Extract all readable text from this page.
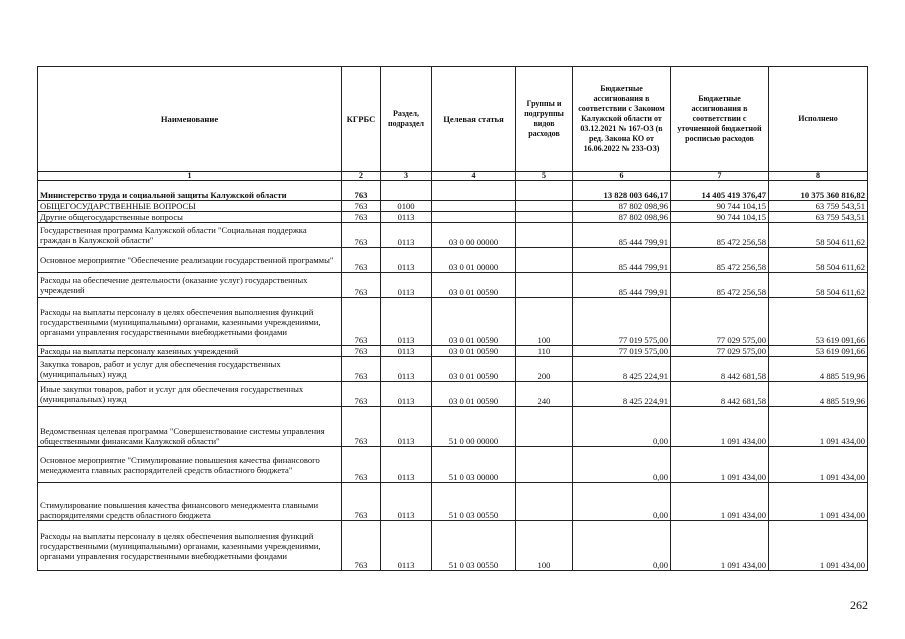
Наименование	КГРБС	Раздел, подраздел	Целевая статья	Группы и подгруппы видов расходов	Бюджетные ассигнования в соответствии с Законом Калужской области от 03.12.2021 № 167-ОЗ (в ред. Закона КО от 16.06.2022 № 233-ОЗ)	Бюджетные ассигнования в соответствии с уточненной бюджетной росписью расходов	Исполнено
1	2	3	4	5	6	7	8
Министерство труда и социальной защиты Калужской области	763				13 828 003 646,17	14 405 419 376,47	10 375 360 816,82
ОБЩЕГОСУДАРСТВЕННЫЕ ВОПРОСЫ	763	0100			87 802 098,96	90 744 104,15	63 759 543,51
Другие общегосударственные вопросы	763	0113			87 802 098,96	90 744 104,15	63 759 543,51
Государственная программа Калужской области "Социальная поддержка граждан в Калужской области"	763	0113	03 0 00 00000		85 444 799,91	85 472 256,58	58 504 611,62
Основное мероприятие "Обеспечение реализации государственной программы"	763	0113	03 0 01 00000		85 444 799,91	85 472 256,58	58 504 611,62
Расходы на обеспечение деятельности (оказание услуг) государственных учреждений	763	0113	03 0 01 00590		85 444 799,91	85 472 256,58	58 504 611,62
Расходы на выплаты персоналу в целях обеспечения выполнения функций государственными (муниципальными) органами, казенными учреждениями, органами управления государственными внебюджетными фондами	763	0113	03 0 01 00590	100	77 019 575,00	77 029 575,00	53 619 091,66
Расходы на выплаты персоналу казенных учреждений	763	0113	03 0 01 00590	110	77 019 575,00	77 029 575,00	53 619 091,66
Закупка товаров, работ и услуг для обеспечения государственных (муниципальных) нужд	763	0113	03 0 01 00590	200	8 425 224,91	8 442 681,58	4 885 519,96
Иные закупки товаров, работ и услуг для обеспечения государственных (муниципальных) нужд	763	0113	03 0 01 00590	240	8 425 224,91	8 442 681,58	4 885 519,96
Ведомственная целевая программа "Совершенствование системы управления общественными финансами Калужской области"	763	0113	51 0 00 00000		0,00	1 091 434,00	1 091 434,00
Основное мероприятие "Стимулирование повышения качества финансового менеджмента главных распорядителей средств областного бюджета"	763	0113	51 0 03 00000		0,00	1 091 434,00	1 091 434,00
Стимулирование повышения качества финансового менеджмента главными распорядителями средств областного бюджета	763	0113	51 0 03 00550		0,00	1 091 434,00	1 091 434,00
Расходы на выплаты персоналу в целях обеспечения выполнения функций государственными (муниципальными) органами, казенными учреждениями, органами управления государственными внебюджетными фондами	763	0113	51 0 03 00550	100	0,00	1 091 434,00	1 091 434,00
262
